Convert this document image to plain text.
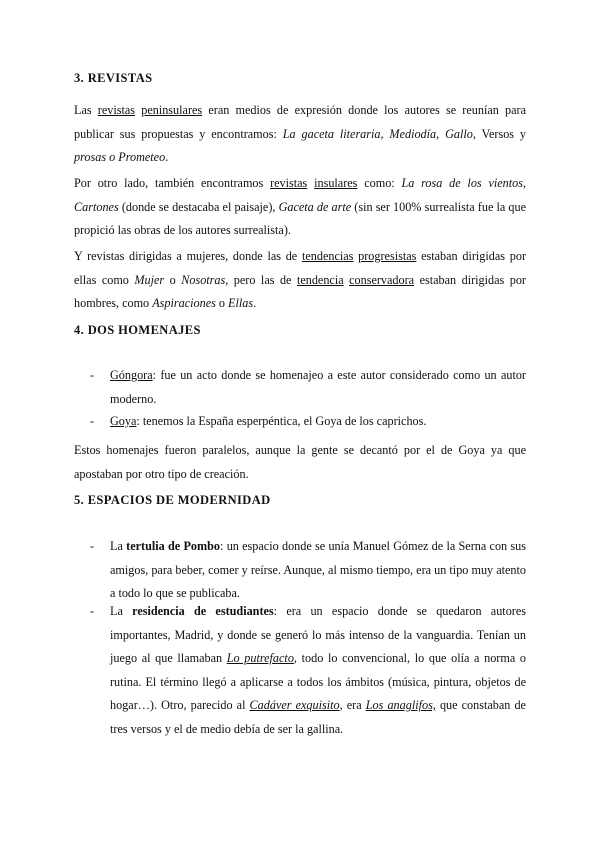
3. REVISTAS

Las revistas peninsulares eran medios de expresión donde los autores se reunían para publicar sus propuestas y encontramos: La gaceta literaria, Mediodía, Gallo, Versos y prosas o Prometeo.

Por otro lado, también encontramos revistas insulares como: La rosa de los vientos, Cartones (donde se destacaba el paisaje), Gaceta de arte (sin ser 100% surrealista fue la que propició las obras de los autores surrealista).

Y revistas dirigidas a mujeres, donde las de tendencias progresistas estaban dirigidas por ellas como Mujer o Nosotras, pero las de tendencia conservadora estaban dirigidas por hombres, como Aspiraciones o Ellas.

4. DOS HOMENAJES
- Góngora: fue un acto donde se homenajeo a este autor considerado como un autor moderno.
- Goya: tenemos la España esperpéntica, el Goya de los caprichos.

Estos homenajes fueron paralelos, aunque la gente se decantó por el de Goya ya que apostaban por otro tipo de creación.

5. ESPACIOS DE MODERNIDAD
- La tertulia de Pombo: un espacio donde se unía Manuel Gómez de la Serna con sus amigos, para beber, comer y reírse. Aunque, al mismo tiempo, era un tipo muy atento a todo lo que se publicaba.
- La residencia de estudiantes: era un espacio donde se quedaron autores importantes, Madrid, y donde se generó lo más intenso de la vanguardia. Tenían un juego al que llamaban Lo putrefacto, todo lo convencional, lo que olía a norma o rutina. El término llegó a aplicarse a todos los ámbitos (música, pintura, objetos de hogar…). Otro, parecido al Cadáver exquisito, era Los anaglifos, que constaban de tres versos y el de medio debía de ser la gallina.
